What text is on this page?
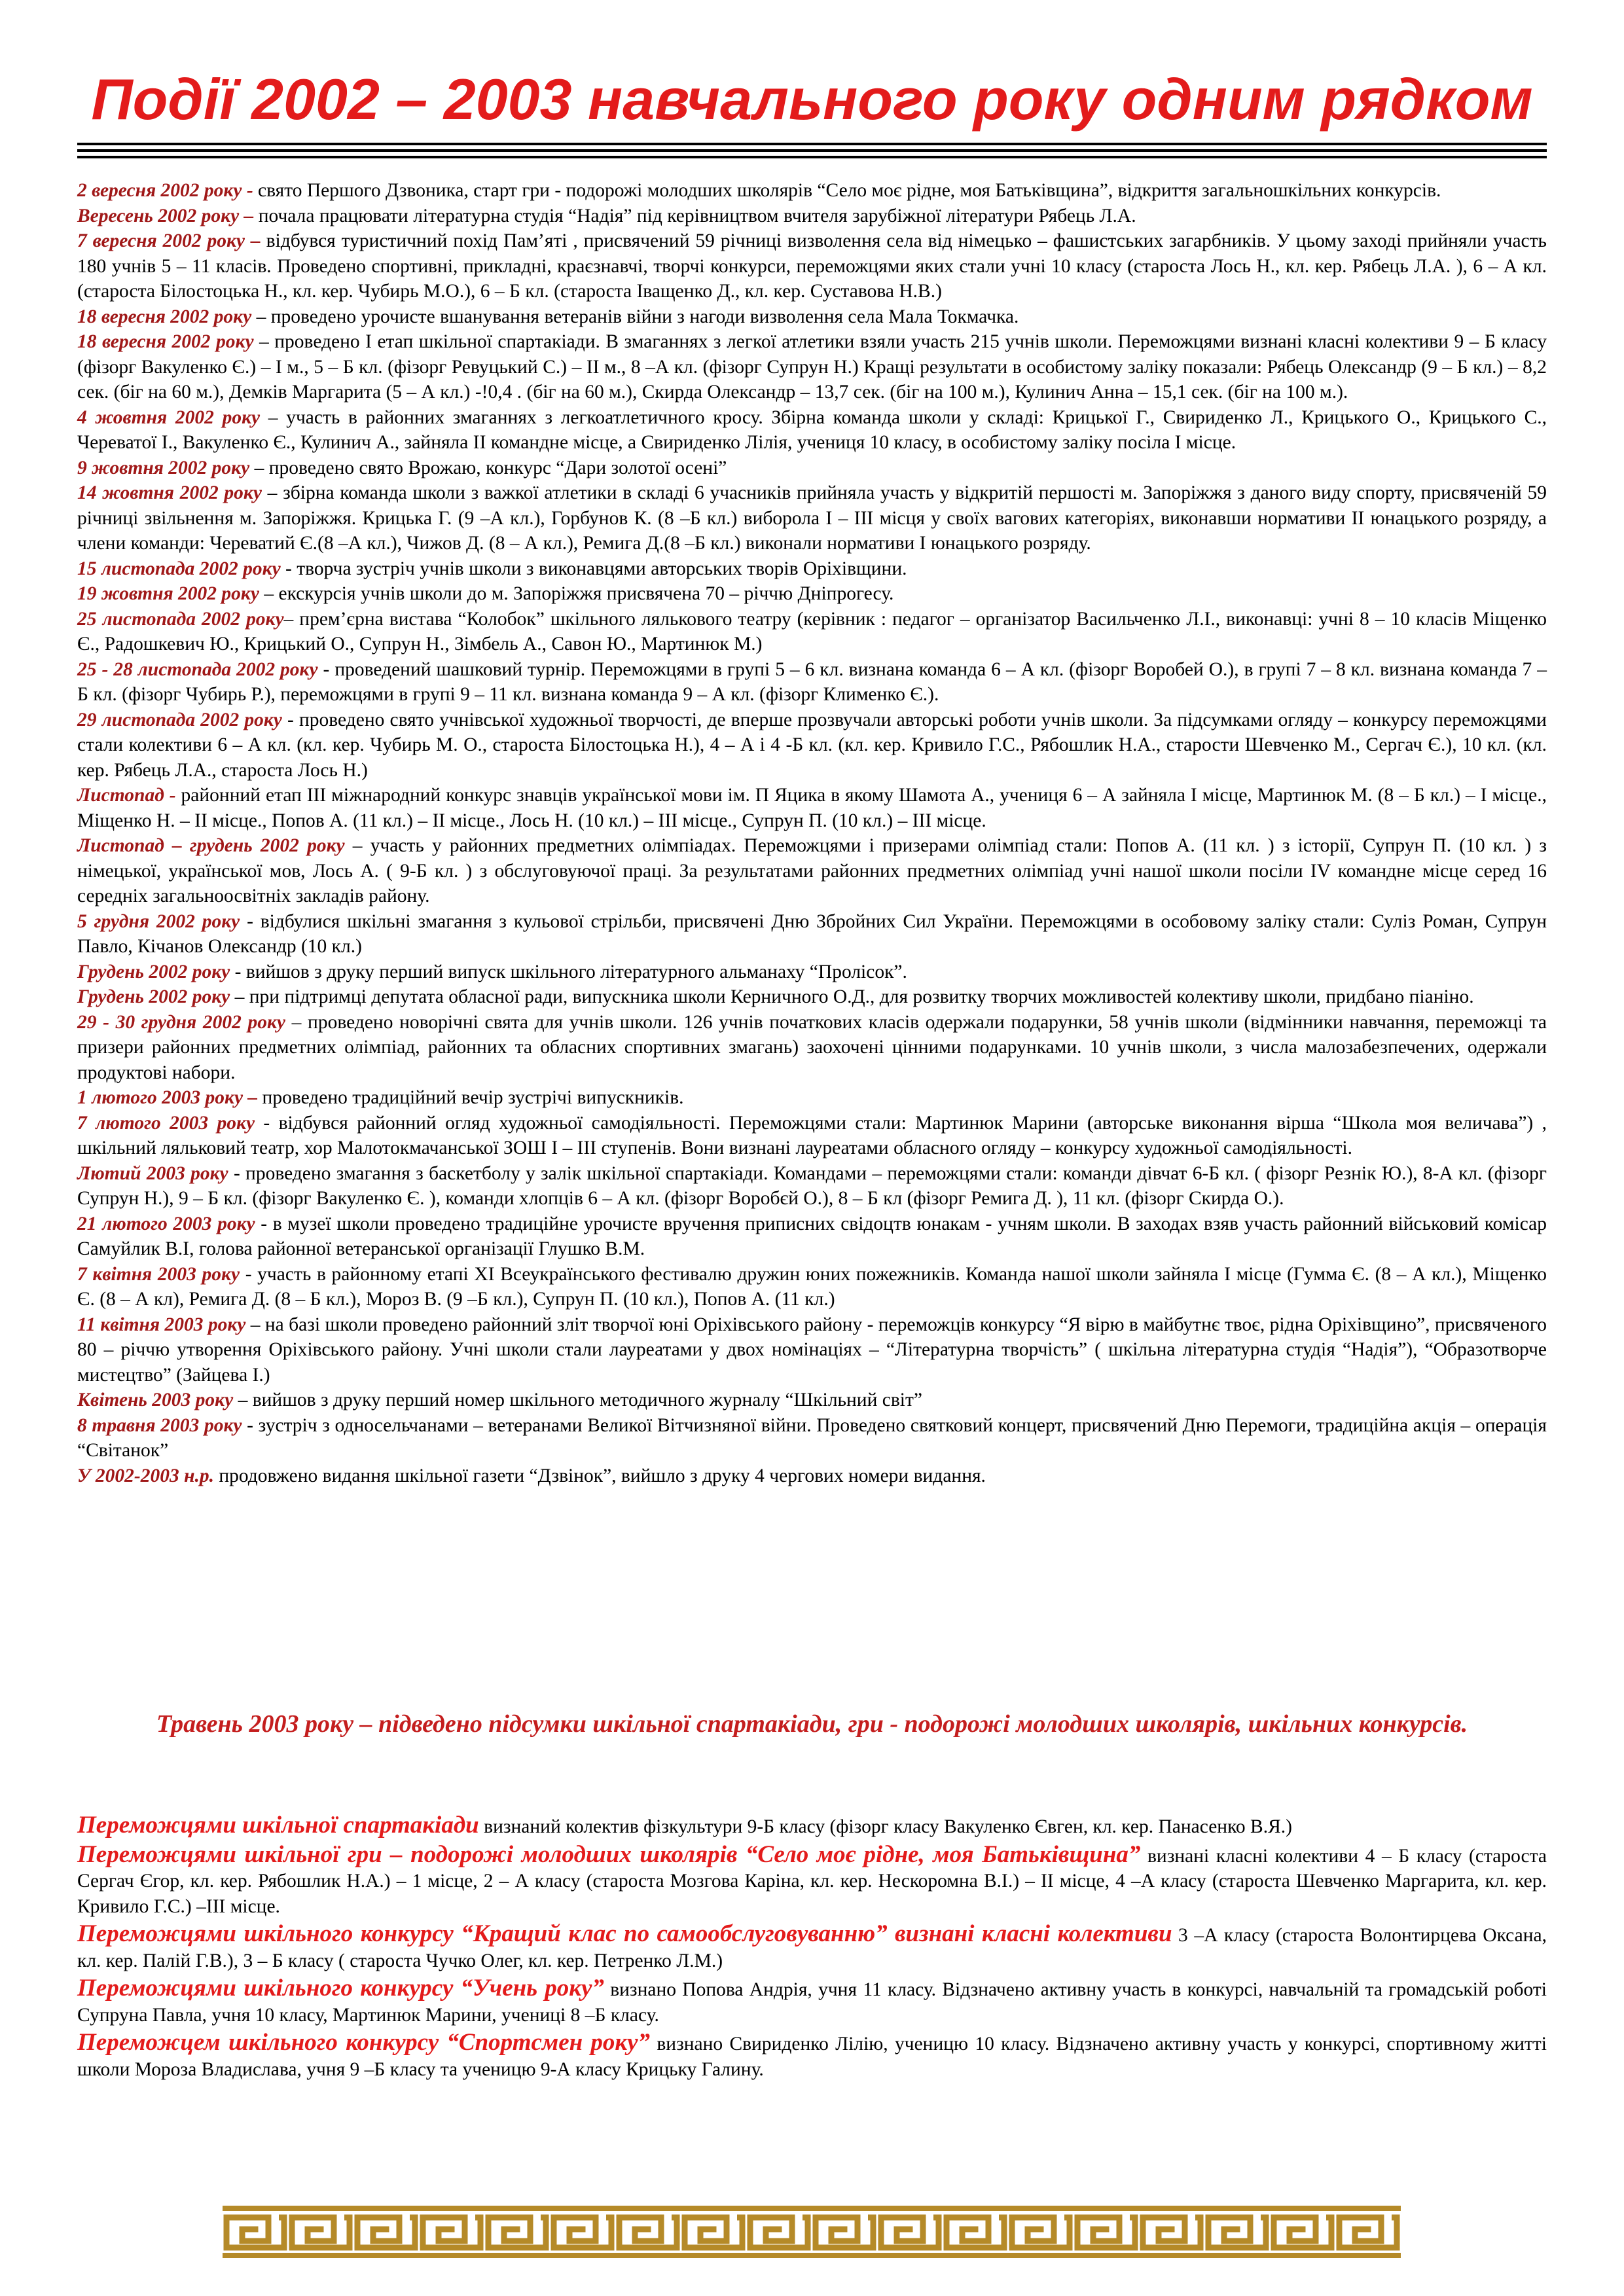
Події 2002 – 2003 навчального року одним рядком

2 вересня 2002 року - свято Першого Дзвоника, старт гри - подорожі молодших школярів “Село моє рідне, моя Батьківщина”, відкриття загальношкільних конкурсів.

Вересень 2002 року – почала працювати літературна студія “Надія” під керівництвом вчителя зарубіжної літератури Рябець Л.А.

7 вересня 2002 року – відбувся туристичний похід Пам’яті , присвячений 59 річниці визволення села від німецько – фашистських загарбників. У цьому заході прийняли участь 180 учнів 5 – 11 класів. Проведено спортивні, прикладні, краєзнавчі, творчі конкурси, переможцями яких стали учні 10 класу (староста Лось Н., кл. кер. Рябець Л.А. ), 6 – А кл. (староста Білостоцька Н., кл. кер. Чубирь М.О.), 6 – Б кл. (староста Іващенко Д., кл. кер. Суставова Н.В.)

18 вересня 2002 року – проведено урочисте вшанування ветеранів війни з нагоди визволення села Мала Токмачка.

18 вересня 2002 року – проведено І етап шкільної спартакіади. В змаганнях з легкої атлетики взяли участь 215 учнів школи. Переможцями визнані класні колективи 9 – Б класу (фізорг Вакуленко Є.) – І м., 5 – Б кл. (фізорг Ревуцький С.) – ІІ м., 8 –А кл. (фізорг Супрун Н.) Кращі результати в особистому заліку показали: Рябець Олександр (9 – Б кл.) – 8,2 сек. (біг на 60 м.), Демків Маргарита (5 – А кл.) -!0,4 . (біг на 60 м.), Скирда Олександр – 13,7 сек. (біг на 100 м.), Кулинич Анна – 15,1 сек. (біг на 100 м.).

4 жовтня 2002 року – участь в районних змаганнях з легкоатлетичного кросу. Збірна команда школи у складі: Крицької Г., Свириденко Л., Крицького О., Крицького С., Череватої І., Вакуленко Є., Кулинич А., зайняла ІІ командне місце, а Свириденко Лілія, учениця 10 класу, в особистому заліку посіла І місце.

9 жовтня 2002 року – проведено свято Врожаю, конкурс “Дари золотої осені”

14 жовтня 2002 року – збірна команда школи з важкої атлетики в складі 6 учасників прийняла участь у відкритій першості м. Запоріжжя з даного виду спорту, присвяченій 59 річниці звільнення м. Запоріжжя. Крицька Г. (9 –А кл.), Горбунов К. (8 –Б кл.) виборола І – ІІІ місця у своїх вагових категоріях, виконавши нормативи ІІ юнацького розряду, а члени команди: Череватий Є.(8 –А кл.), Чижов Д. (8 – А кл.), Ремига Д.(8 –Б кл.) виконали нормативи І юнацького розряду.

15 листопада 2002 року - творча зустріч учнів школи з виконавцями авторських творів Оріхівщини.

19 жовтня 2002 року – екскурсія учнів школи до м. Запоріжжя присвячена 70 – річчю Дніпрогесу.

25 листопада 2002 року– прем’єрна вистава “Колобок” шкільного лялькового театру (керівник : педагог – організатор Васильченко Л.І., виконавці: учні 8 – 10 класів Міщенко Є., Радошкевич Ю., Крицький О., Супрун Н., Зімбель А., Савон Ю., Мартинюк М.)

25 - 28 листопада 2002 року - проведений шашковий турнір. Переможцями в групі 5 – 6 кл. визнана команда 6 – А кл. (фізорг Воробей О.), в групі 7 – 8 кл. визнана команда 7 – Б кл. (фізорг Чубирь Р.), переможцями в групі 9 – 11 кл. визнана команда 9 – А кл. (фізорг Клименко Є.).

29 листопада 2002 року - проведено свято учнівської художньої творчості, де вперше прозвучали авторські роботи учнів школи. За підсумками огляду – конкурсу переможцями стали колективи 6 – А кл. (кл. кер. Чубирь М. О., староста Білостоцька Н.), 4 – А і 4 -Б кл. (кл. кер. Кривило Г.С., Рябошлик Н.А., старости Шевченко М., Сергач Є.), 10 кл. (кл. кер. Рябець Л.А., староста Лось Н.)

Листопад - районний етап ІІІ міжнародний конкурс знавців української мови ім. П Яцика в якому Шамота А., учениця 6 – А зайняла І місце, Мартинюк М. (8 – Б кл.) – І місце., Міщенко Н. – ІІ місце., Попов А. (11 кл.) – ІІ місце., Лось Н. (10 кл.) – ІІІ місце., Супрун П. (10 кл.) – ІІІ місце.

Листопад – грудень 2002 року – участь у районних предметних олімпіадах. Переможцями і призерами олімпіад стали: Попов А. (11 кл. ) з історії, Супрун П. (10 кл. ) з німецької, української мов, Лось А. ( 9-Б кл. ) з обслуговуючої праці. За результатами районних предметних олімпіад учні нашої школи посіли ІV командне місце серед 16 середніх загальноосвітніх закладів району.

5 грудня 2002 року - відбулися шкільні змагання з кульової стрільби, присвячені Дню Збройних Сил України. Переможцями в особовому заліку стали: Суліз Роман, Супрун Павло, Кічанов Олександр (10 кл.)

Грудень 2002 року - вийшов з друку перший випуск шкільного літературного альманаху “Пролісок”.

Грудень 2002 року – при підтримці депутата обласної ради, випускника школи Керничного О.Д., для розвитку творчих можливостей колективу школи, придбано піаніно.

29 - 30 грудня 2002 року – проведено новорічні свята для учнів школи. 126 учнів початкових класів одержали подарунки, 58 учнів школи (відмінники навчання, переможці та призери районних предметних олімпіад, районних та обласних спортивних змагань) заохочені цінними подарунками. 10 учнів школи, з числа малозабезпечених, одержали продуктові набори.

1 лютого 2003 року – проведено традиційний вечір зустрічі випускників.

7 лютого 2003 року - відбувся районний огляд художньої самодіяльності. Переможцями стали: Мартинюк Марини (авторське виконання вірша “Школа моя величава”) , шкільний ляльковий театр, хор Малотокмачанської ЗОШ І – ІІІ ступенів. Вони визнані лауреатами обласного огляду – конкурсу художньої самодіяльності.

Лютий 2003 року - проведено змагання з баскетболу у залік шкільної спартакіади. Командами – переможцями стали: команди дівчат 6-Б кл. ( фізорг Резнік Ю.), 8-А кл. (фізорг Супрун Н.), 9 – Б кл. (фізорг Вакуленко Є. ), команди хлопців 6 – А кл. (фізорг Воробєй О.), 8 – Б кл (фізорг Ремига Д. ), 11 кл. (фізорг Скирда О.).

21 лютого 2003 року - в музеї школи проведено традиційне урочисте вручення приписних свідоцтв юнакам - учням школи. В заходах взяв участь районний військовий комісар Самуйлик В.І, голова районної ветеранської організації Глушко В.М.

7 квітня 2003 року - участь в районному етапі ХІ Всеукраїнського фестивалю дружин юних пожежників. Команда нашої школи зайняла І місце (Гумма Є. (8 – А кл.), Міщенко Є. (8 – А кл), Ремига Д. (8 – Б кл.), Мороз В. (9 –Б кл.), Супрун П. (10 кл.), Попов А. (11 кл.)

11 квітня 2003 року – на базі школи проведено районний зліт творчої юні Оріхівського району - переможців конкурсу “Я вірю в майбутнє твоє, рідна Оріхівщино”, присвяченого 80 – річчю утворення Оріхівського району. Учні школи стали лауреатами у двох номінаціях – “Літературна творчість” ( шкільна літературна студія “Надія”), “Образотворче мистецтво” (Зайцева І.)

Квітень 2003 року – вийшов з друку перший номер шкільного методичного журналу “Шкільний світ”

8 травня 2003 року - зустріч з односельчанами – ветеранами Великої Вітчизняної війни. Проведено святковий концерт, присвячений Дню Перемоги, традиційна акція – операція “Світанок”

У 2002-2003 н.р. продовжено видання шкільної газети “Дзвінок”, вийшло з друку 4 чергових номери видання.

Травень 2003 року – підведено підсумки шкільної спартакіади, гри - подорожі молодших школярів, шкільних конкурсів.

Переможцями шкільної спартакіади визнаний колектив фізкультури 9-Б класу (фізорг класу Вакуленко Євген, кл. кер. Панасенко В.Я.)

Переможцями шкільної гри – подорожі молодших школярів “Село моє рідне, моя Батьківщина” визнані класні колективи 4 – Б класу (староста Сергач Єгор, кл. кер. Рябошлик Н.А.) – 1 місце, 2 – А класу (староста Мозгова Каріна, кл. кер. Нескоромна В.І.) – ІІ місце, 4 –А класу (староста Шевченко Маргарита, кл. кер. Кривило Г.С.) –ІІІ місце.

Переможцями шкільного конкурсу “Кращий клас по самообслуговуванню” визнані класні колективи 3 –А класу (староста Волонтирцева Оксана, кл. кер. Палій Г.В.), 3 – Б класу ( староста Чучко Олег, кл. кер. Петренко Л.М.)

Переможцями шкільного конкурсу “Учень року” визнано Попова Андрія, учня 11 класу. Відзначено активну участь в конкурсі, навчальній та громадській роботі Супруна Павла, учня 10 класу, Мартинюк Марини, учениці 8 –Б класу.

Переможцем шкільного конкурсу “Спортсмен року” визнано Свириденко Лілію, ученицю 10 класу. Відзначено активну участь у конкурсі, спортивному житті школи Мороза Владислава, учня 9 –Б класу та ученицю 9-А класу Крицьку Галину.
